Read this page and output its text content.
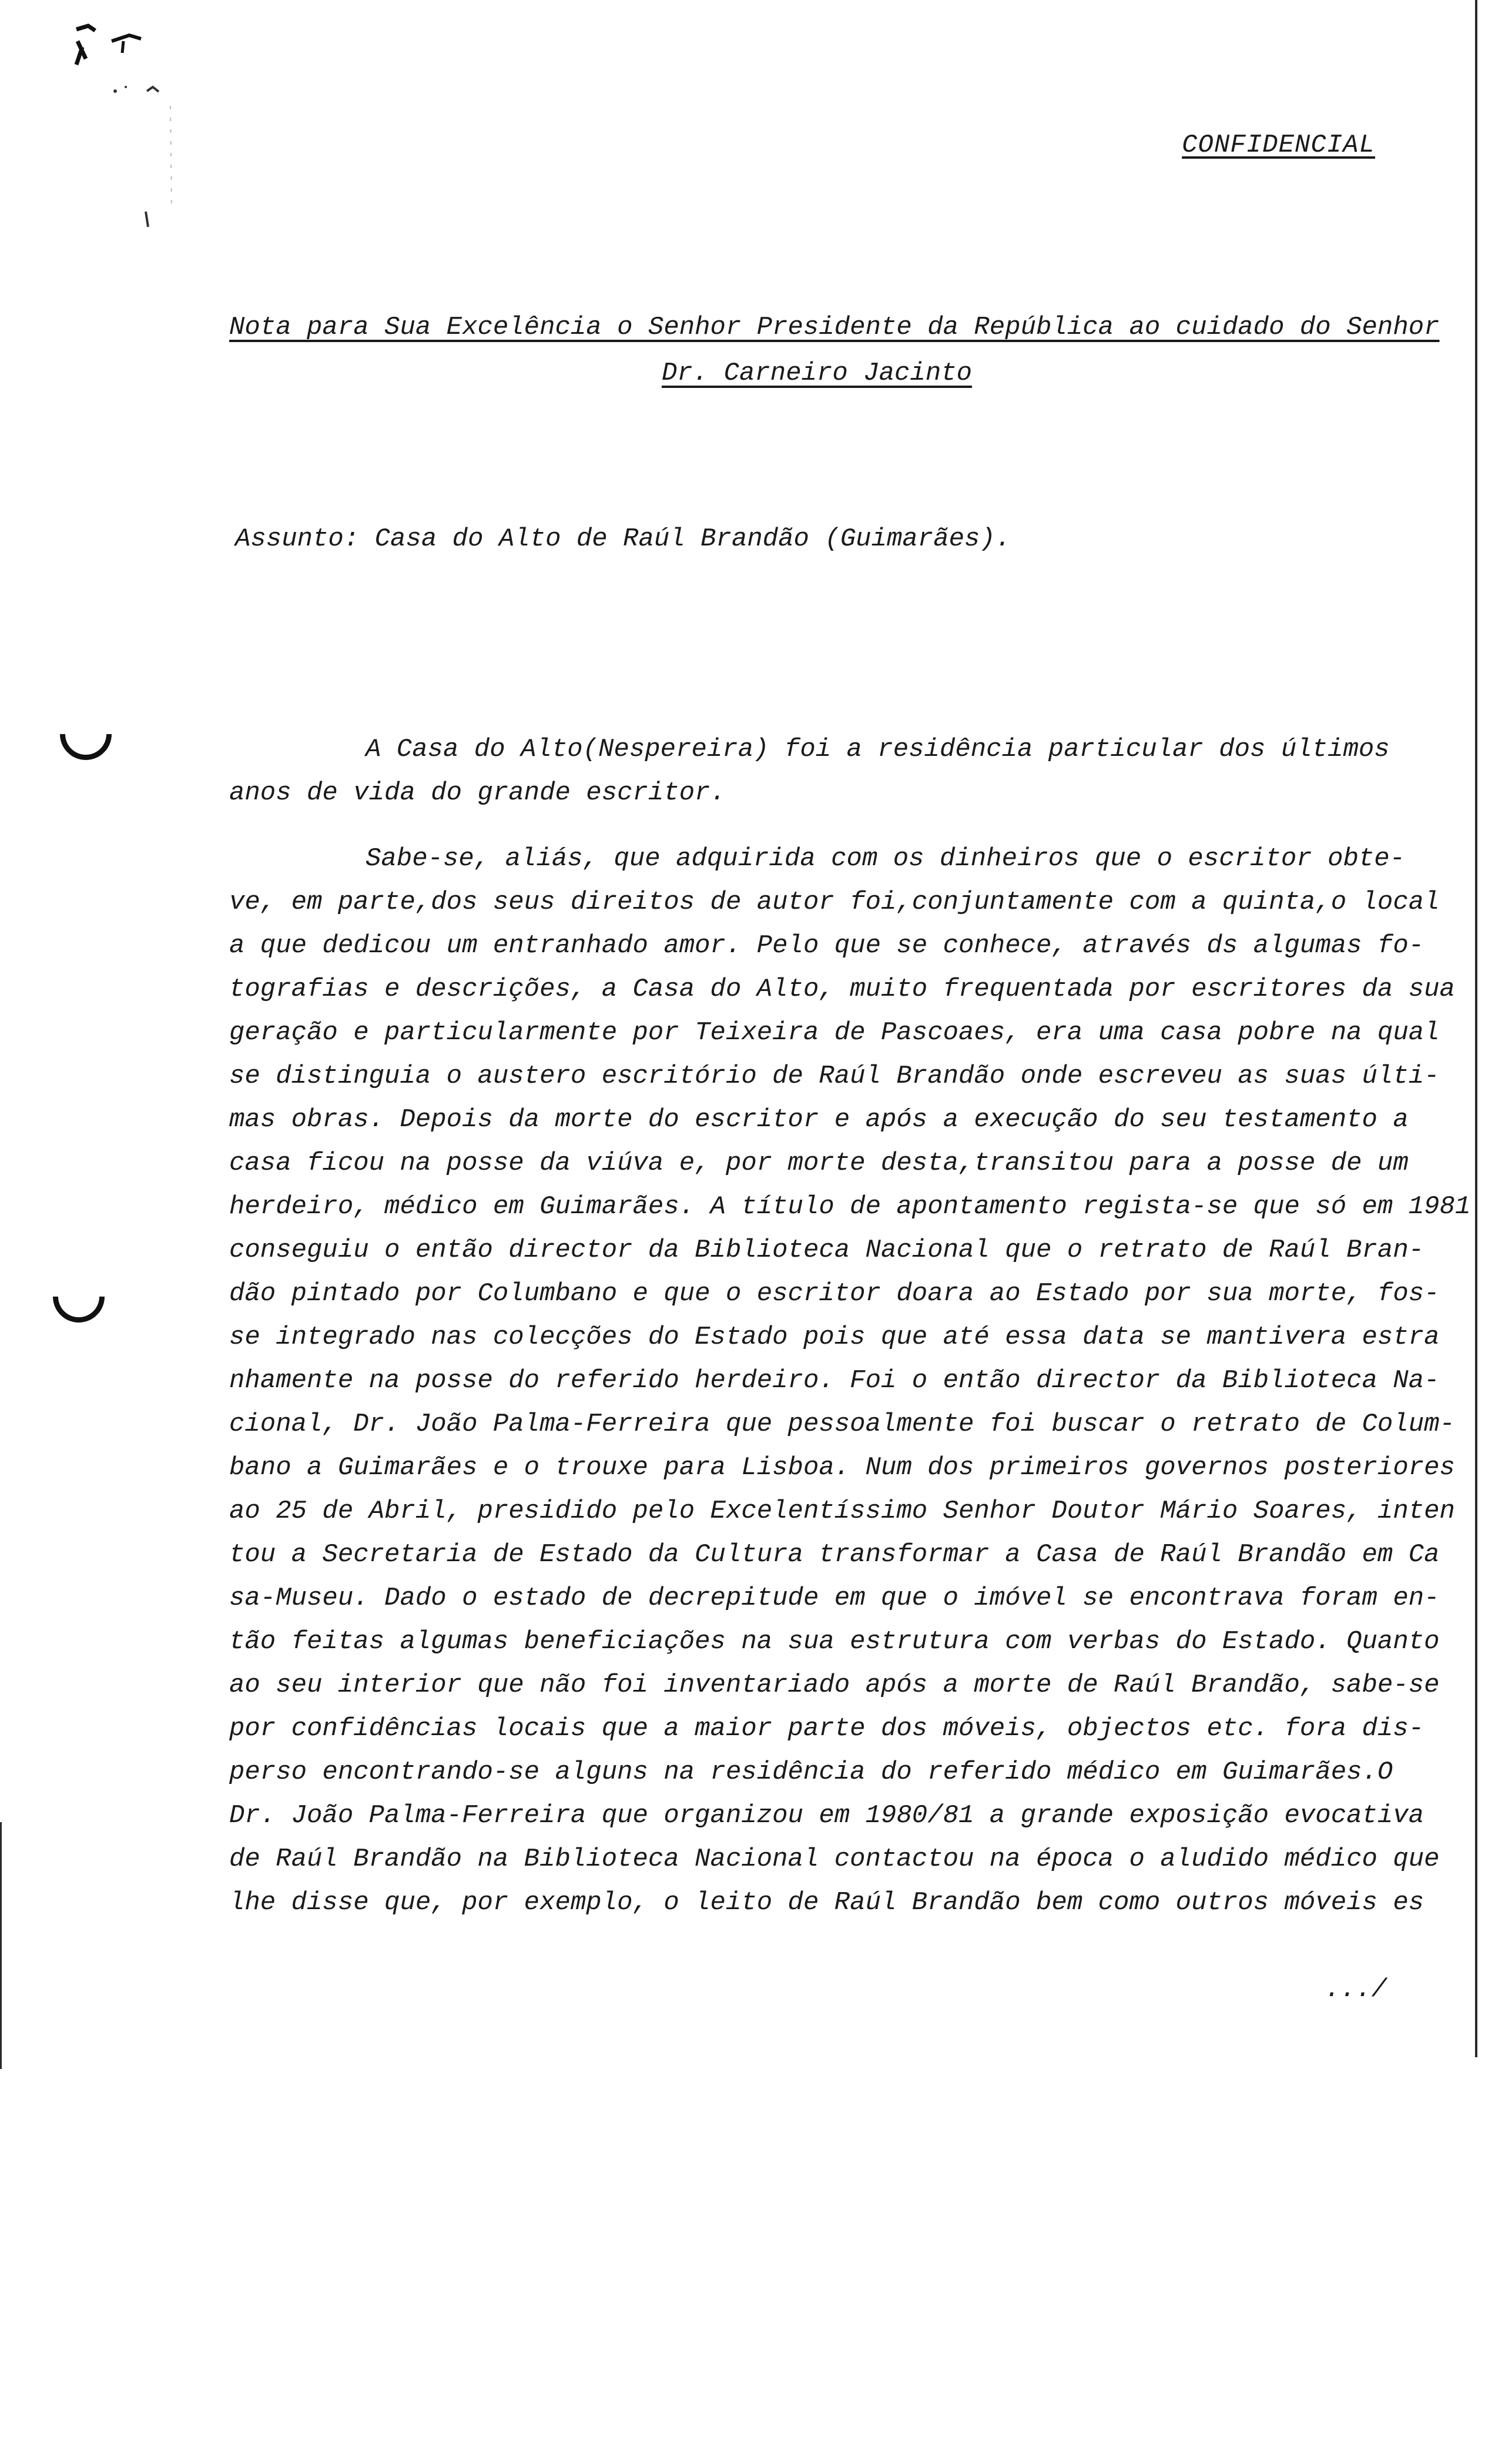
CONFIDENCIAL
Nota para Sua Excelência o Senhor Presidente da República ao cuidado do Senhor
Dr. Carneiro Jacinto
Assunto: Casa do Alto de Raúl Brandão (Guimarães).
A Casa do Alto(Nespereira) foi a residência particular dos últimos
anos de vida do grande escritor.
Sabe-se, aliás, que adquirida com os dinheiros que o escritor obte-
ve, em parte,dos seus direitos de autor foi,conjuntamente com a quinta,o local
a que dedicou um entranhado amor. Pelo que se conhece, através ds algumas fo-
tografias e descrições, a Casa do Alto, muito frequentada por escritores da sua
geração e particularmente por Teixeira de Pascoaes, era uma casa pobre na qual
se distinguia o austero escritório de Raúl Brandão onde escreveu as suas últi-
mas obras. Depois da morte do escritor e após a execução do seu testamento a
casa ficou na posse da viúva e, por morte desta,transitou para a posse de um
herdeiro, médico em Guimarães. A título de apontamento regista-se que só em 1981
conseguiu o então director da Biblioteca Nacional que o retrato de Raúl Bran-
dão pintado por Columbano e que o escritor doara ao Estado por sua morte, fos-
se integrado nas colecções do Estado pois que até essa data se mantivera estra
nhamente na posse do referido herdeiro. Foi o então director da Biblioteca Na-
cional, Dr. João Palma-Ferreira que pessoalmente foi buscar o retrato de Colum-
bano a Guimarães e o trouxe para Lisboa. Num dos primeiros governos posteriores
ao 25 de Abril, presidido pelo Excelentíssimo Senhor Doutor Mário Soares, inten
tou a Secretaria de Estado da Cultura transformar a Casa de Raúl Brandão em Ca
sa-Museu. Dado o estado de decrepitude em que o imóvel se encontrava foram en-
tão feitas algumas beneficiações na sua estrutura com verbas do Estado. Quanto
ao seu interior que não foi inventariado após a morte de Raúl Brandão, sabe-se
por confidências locais que a maior parte dos móveis, objectos etc. fora dis-
perso encontrando-se alguns na residência do referido médico em Guimarães.O
Dr. João Palma-Ferreira que organizou em 1980/81 a grande exposição evocativa
de Raúl Brandão na Biblioteca Nacional contactou na época o aludido médico que
lhe disse que, por exemplo, o leito de Raúl Brandão bem como outros móveis es
.../
